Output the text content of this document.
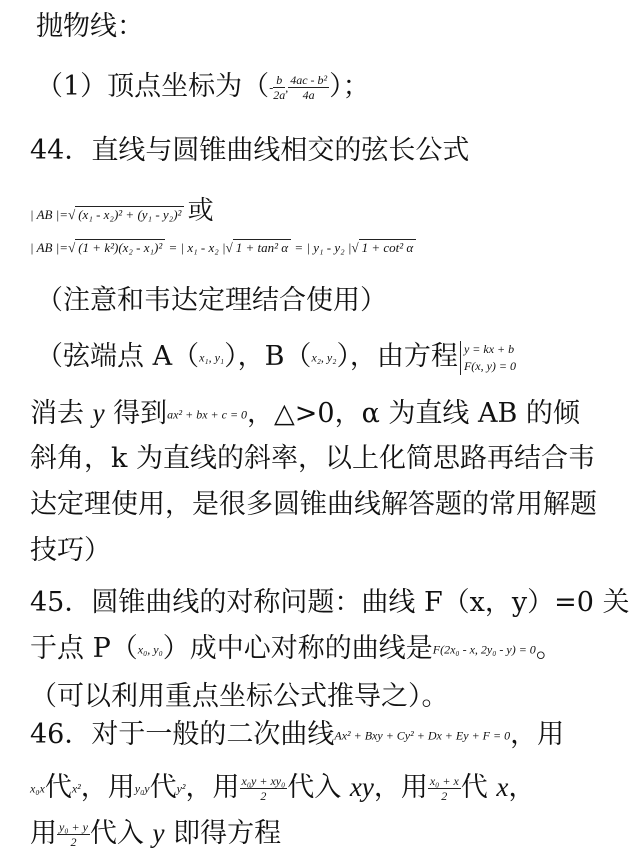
抛物线：
（1）顶点坐标为（- $\frac{b}{2a}$ , $\frac{\text{4ac - b²}}{4a}$ ）；
44．直线与圆锥曲线相交的弦长公式
| AB |=√ (x₁ - x₂)² + (y₁ - y₂)² 或
| AB |=√ (1 + k²)(x₂ - x₁)² = | x₁ - x₂ |√ 1 + tan² α = | y₁ - y₂ |√ 1 + cot² α
（注意和韦达定理结合使用）
（弦端点 A（x₁, y₁），B（x₂, y₂），由方程 y = kx + b
F(x, y) = 0
消去 y 得到ax² + bx + c = 0，△>0，α 为直线 AB 的倾
斜角，k 为直线的斜率，以上化简思路再结合韦
达定理使用，是很多圆锥曲线解答题的常用解题
技巧）
45．圆锥曲线的对称问题：曲线 F（x，y）=0 关
于点 P（x₀, y₀）成中心对称的曲线是F(2x₀ - x, 2y₀ - y) = 0。
（可以利用重点坐标公式推导之）。
46．对于一般的二次曲线Ax² + Bxy + Cy² + Dx + Ey + F = 0，用
x₀x代x²，用y₀y代y²，用 $\frac{\text{x₀y + xy₀}}{2}$ 代入 xy，用 $\frac{\text{x₀ + x}}{2}$ 代 x，
用 $\frac{\text{y₀ + y}}{2}$ 代入 y 即得方程
